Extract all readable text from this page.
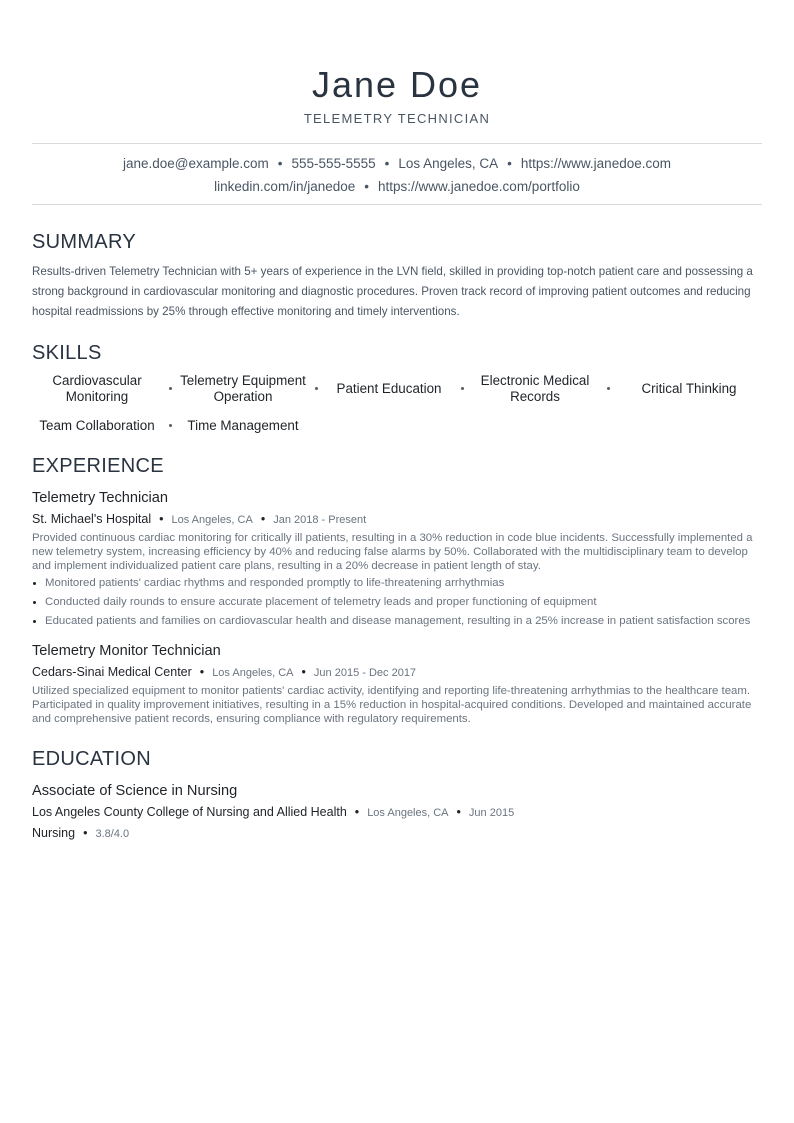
Jane Doe
TELEMETRY TECHNICIAN
jane.doe@example.com • 555-555-5555 • Los Angeles, CA • https://www.janedoe.com
linkedin.com/in/janedoe • https://www.janedoe.com/portfolio
SUMMARY
Results-driven Telemetry Technician with 5+ years of experience in the LVN field, skilled in providing top-notch patient care and possessing a strong background in cardiovascular monitoring and diagnostic procedures. Proven track record of improving patient outcomes and reducing hospital readmissions by 25% through effective monitoring and timely interventions.
SKILLS
Cardiovascular Monitoring
Telemetry Equipment Operation
Patient Education
Electronic Medical Records
Critical Thinking
Team Collaboration	Time Management
EXPERIENCE
Telemetry Technician
St. Michael's Hospital • Los Angeles, CA • Jan 2018 - Present
Provided continuous cardiac monitoring for critically ill patients, resulting in a 30% reduction in code blue incidents. Successfully implemented a new telemetry system, increasing efficiency by 40% and reducing false alarms by 50%. Collaborated with the multidisciplinary team to develop and implement individualized patient care plans, resulting in a 20% decrease in patient length of stay.
Monitored patients' cardiac rhythms and responded promptly to life-threatening arrhythmias
Conducted daily rounds to ensure accurate placement of telemetry leads and proper functioning of equipment
Educated patients and families on cardiovascular health and disease management, resulting in a 25% increase in patient satisfaction scores
Telemetry Monitor Technician
Cedars-Sinai Medical Center • Los Angeles, CA • Jun 2015 - Dec 2017
Utilized specialized equipment to monitor patients' cardiac activity, identifying and reporting life-threatening arrhythmias to the healthcare team. Participated in quality improvement initiatives, resulting in a 15% reduction in hospital-acquired conditions. Developed and maintained accurate and comprehensive patient records, ensuring compliance with regulatory requirements.
EDUCATION
Associate of Science in Nursing
Los Angeles County College of Nursing and Allied Health • Los Angeles, CA • Jun 2015
Nursing • 3.8/4.0
